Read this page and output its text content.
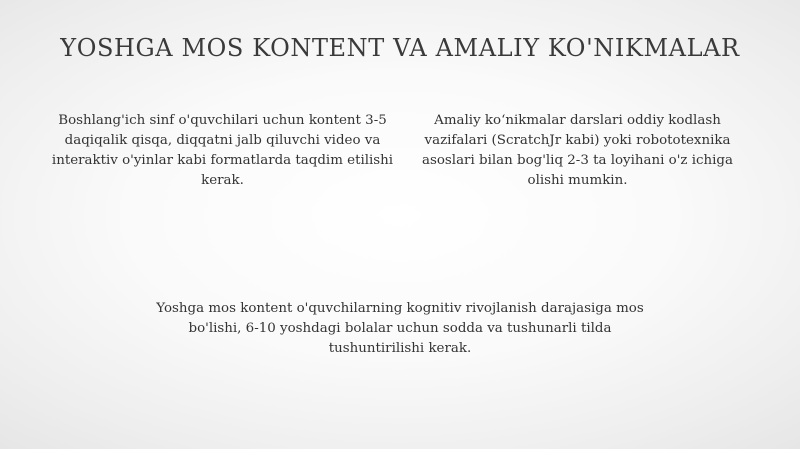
YOSHGA MOS KONTENT VA AMALIY KO'NIKMALAR

Boshlang'ich sinf o'quvchilari uchun kontent 3-5 daqiqalik qisqa, diqqatni jalb qiluvchi video va interaktiv o'yinlar kabi formatlarda taqdim etilishi kerak.

Amaliy ko‘nikmalar darslari oddiy kodlash vazifalari (ScratchJr kabi) yoki robototexnika asoslari bilan bog'liq 2-3 ta loyihani o'z ichiga olishi mumkin.

Yoshga mos kontent o'quvchilarning kognitiv rivojlanish darajasiga mos bo'lishi, 6-10 yoshdagi bolalar uchun sodda va tushunarli tilda tushuntirilishi kerak.
